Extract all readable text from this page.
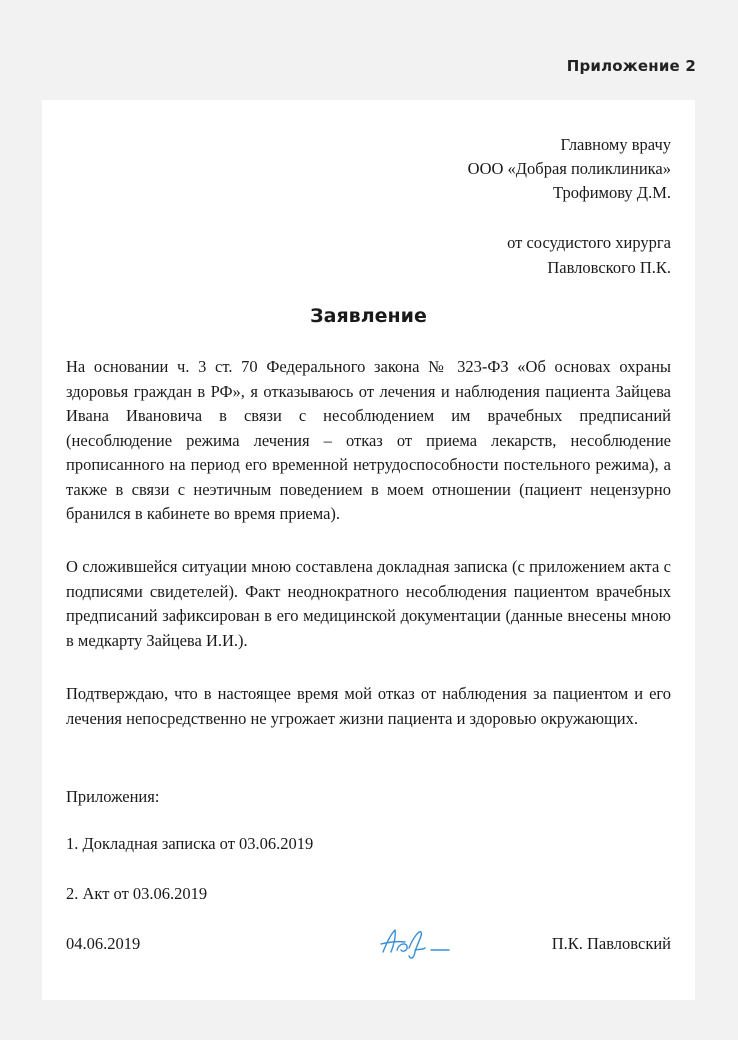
Приложение 2
Главному врачу
ООО «Добрая поликлиника»
Трофимову Д.М.
от сосудистого хирурга
Павловского П.К.
Заявление
На основании ч. 3 ст. 70 Федерального закона № 323-ФЗ «Об основах охраны здоровья граждан в РФ», я отказываюсь от лечения и наблюдения пациента Зайцева Ивана Ивановича в связи с несоблюдением им врачебных предписаний (несоблюдение режима лечения – отказ от приема лекарств, несоблюдение прописанного на период его временной нетрудоспособности постельного режима), а также в связи с неэтичным поведением в моем отношении (пациент нецензурно бранился в кабинете во время приема).
О сложившейся ситуации мною составлена докладная записка (с приложением акта с подписями свидетелей). Факт неоднократного несоблюдения пациентом врачебных предписаний зафиксирован в его медицинской документации (данные внесены мною в медкарту Зайцева И.И.).
Подтверждаю, что в настоящее время мой отказ от наблюдения за пациентом и его лечения непосредственно не угрожает жизни пациента и здоровью окружающих.
Приложения:
1. Докладная записка от 03.06.2019
2. Акт от 03.06.2019
04.06.2019	П.К. Павловский
